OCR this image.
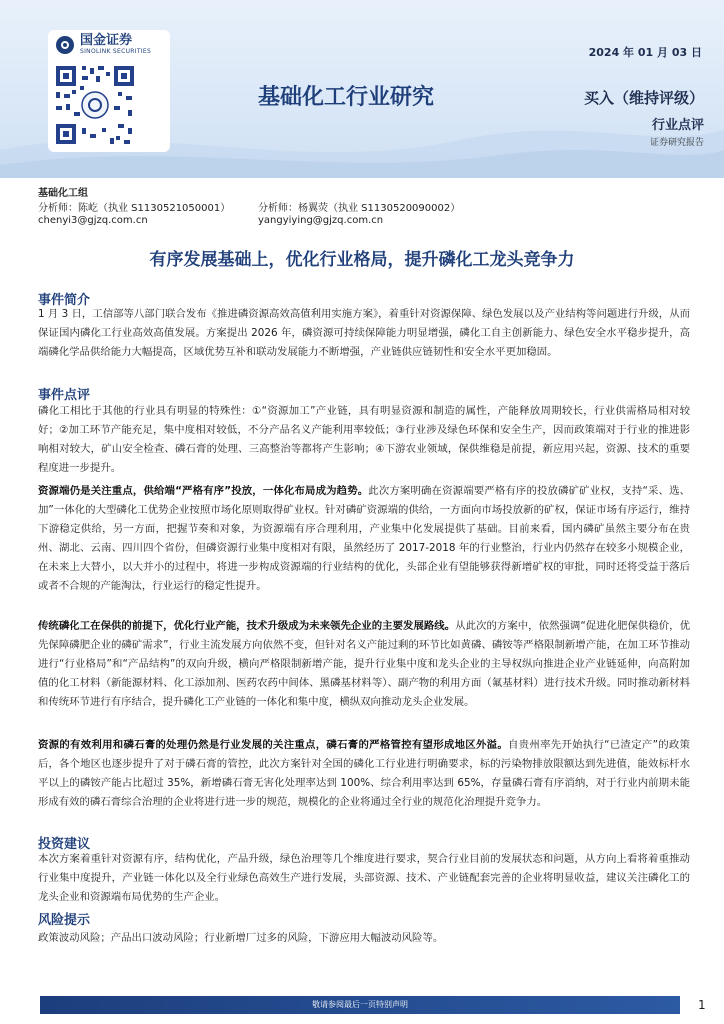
国金证券
SINOLINK SECURITIES	2024 年 01 月 03 日
基础化工行业研究	买入（维持评级）
行业点评
证券研究报告
基础化工组
分析师：陈屹（执业 S1130521050001）
chenyi3@gjzq.com.cn
分析师：杨翼荧（执业 S1130520090002）
yangyiying@gjzq.com.cn
有序发展基础上，优化行业格局，提升磷化工龙头竞争力
事件简介
1 月 3 日，工信部等八部门联合发布《推进磷资源高效高值利用实施方案》，着重针对资源保障、绿色发展以及产业结构等问题进行升级，从而保证国内磷化工行业高效高值发展。方案提出 2026 年，磷资源可持续保障能力明显增强，磷化工自主创新能力、绿色安全水平稳步提升，高端磷化学品供给能力大幅提高，区域优势互补和联动发展能力不断增强，产业链供应链韧性和安全水平更加稳固。
事件点评
磷化工相比于其他的行业具有明显的特殊性：①“资源加工”产业链，具有明显资源和制造的属性，产能释放周期较长，行业供需格局相对较好；②加工环节产能充足，集中度相对较低，不分产品名义产能利用率较低；③行业涉及绿色环保和安全生产，因而政策端对于行业的推进影响相对较大，矿山安全检查、磷石膏的处理、三高整治等都将产生影响；④下游农业领域，保供维稳是前提，新应用兴起，资源、技术的重要程度进一步提升。
资源端仍是关注重点，供给端“严格有序”投放，一体化布局成为趋势。此次方案明确在资源端要严格有序的投放磷矿矿业权，支持“采、选、加”一体化的大型磷化工优势企业按照市场化原则取得矿业权。针对磷矿资源端的供给，一方面向市场投放新的矿权，保证市场有序运行，维持下游稳定供给，另一方面，把握节奏和对象，为资源端有序合理利用，产业集中化发展提供了基础。目前来看，国内磷矿虽然主要分布在贵州、湖北、云南、四川四个省份，但磷资源行业集中度相对有限，虽然经历了 2017-2018 年的行业整治，行业内仍然存在较多小规模企业，在未来上大替小，以大并小的过程中，将进一步构成资源端的行业结构的优化，头部企业有望能够获得新增矿权的审批，同时还将受益于落后或者不合规的产能淘汰，行业运行的稳定性提升。
传统磷化工在保供的前提下，优化行业产能，技术升级成为未来领先企业的主要发展路线。从此次的方案中，依然强调“促进化肥保供稳价，优先保障磷肥企业的磷矿需求”，行业主流发展方向依然不变，但针对名义产能过剩的环节比如黄磷、磷铵等严格限制新增产能，在加工环节推动进行“行业格局”和“产品结构”的双向升级，横向严格限制新增产能，提升行业集中度和龙头企业的主导权纵向推进企业产业链延伸，向高附加值的化工材料（新能源材料、化工添加剂、医药农药中间体、黑磷基材料等）、副产物的利用方面（氟基材料）进行技术升级。同时推动新材料和传统环节进行有序结合，提升磷化工产业链的一体化和集中度，横纵双向推动龙头企业发展。
资源的有效利用和磷石膏的处理仍然是行业发展的关注重点，磷石膏的严格管控有望形成地区外溢。自贵州率先开始执行“已渣定产”的政策后，各个地区也逐步提升了对于磷石膏的管控，此次方案针对全国的磷化工行业进行明确要求，标的污染物排放限额达到先进值，能效标杆水平以上的磷铵产能占比超过 35%，新增磷石膏无害化处理率达到 100%、综合利用率达到 65%，存量磷石膏有序消纳，对于行业内前期未能形成有效的磷石膏综合治理的企业将进行进一步的规范，规模化的企业将通过全行业的规范化治理提升竞争力。
投资建议
本次方案着重针对资源有序，结构优化，产品升级，绿色治理等几个维度进行要求，契合行业目前的发展状态和问题，从方向上看将着重推动行业集中度提升，产业链一体化以及全行业绿色高效生产进行发展，头部资源、技术、产业链配套完善的企业将明显收益，建议关注磷化工的龙头企业和资源端布局优势的生产企业。
风险提示
政策波动风险；产品出口波动风险；行业新增厂过多的风险，下游应用大幅波动风险等。
敬请参阅最后一页特别声明	1
